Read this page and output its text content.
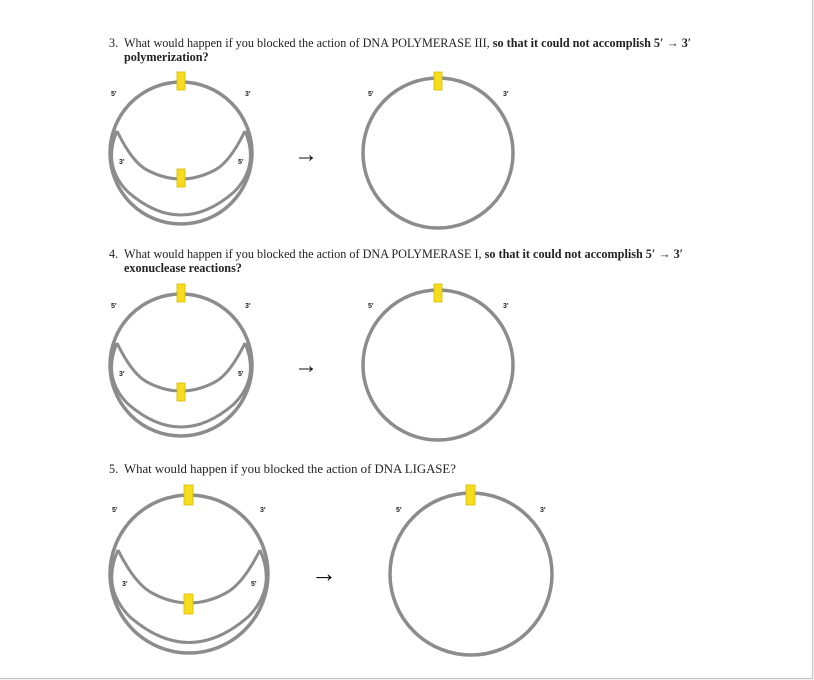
3. What would happen if you blocked the action of DNA POLYMERASE III, so that it could not accomplish 5′ → 3′
polymerization?
4. What would happen if you blocked the action of DNA POLYMERASE I, so that it could not accomplish 5′ → 3′
exonuclease reactions?
5. What would happen if you blocked the action of DNA LIGASE?
5'	3'
3'	5' →
5'	3'
5'	3'
3'	5' →
5'	3'
5'	3'
3'	5' →
5'	3'
